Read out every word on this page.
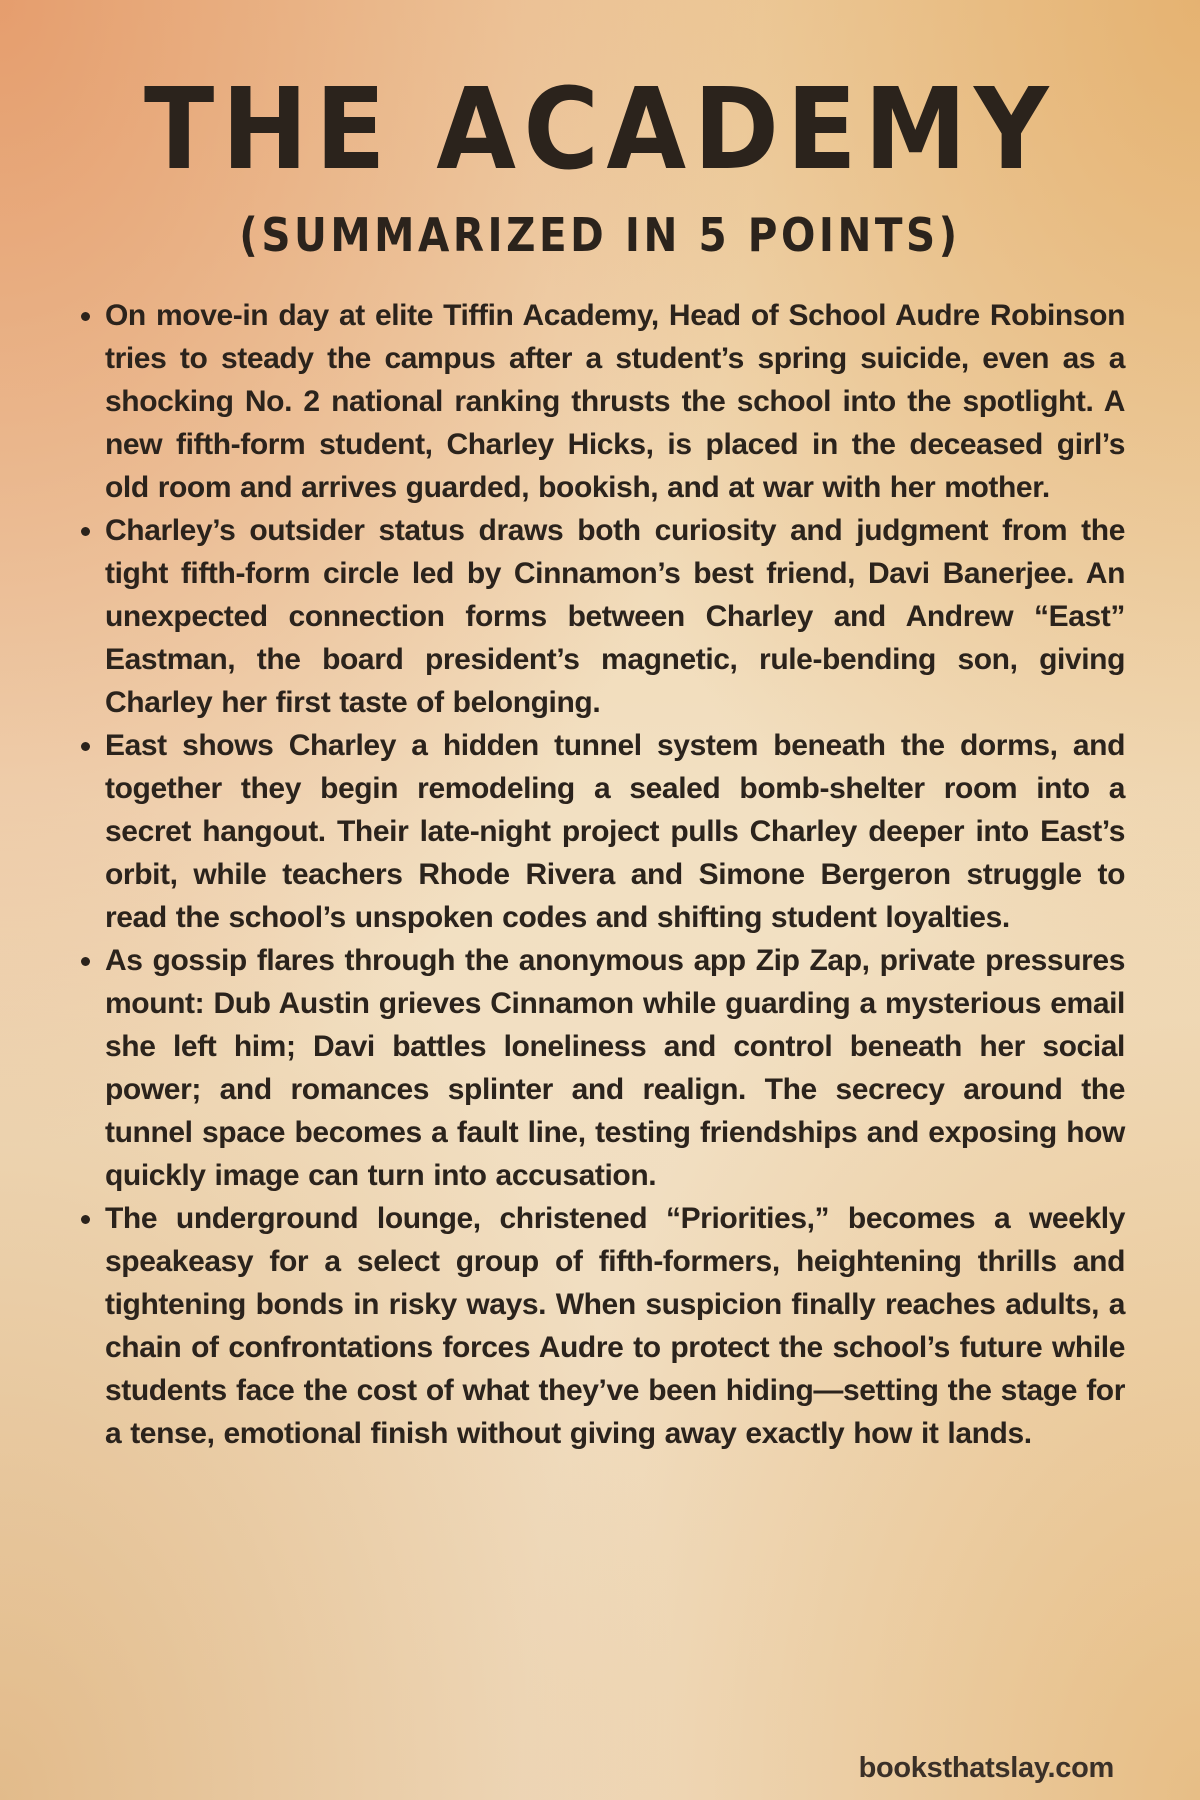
THE ACADEMY
(SUMMARIZED IN 5 POINTS)
On move-in day at elite Tiffin Academy, Head of School Audre Robinson tries to steady the campus after a student’s spring suicide, even as a shocking No. 2 national ranking thrusts the school into the spotlight. A new fifth-form student, Charley Hicks, is placed in the deceased girl’s old room and arrives guarded, bookish, and at war with her mother.
Charley’s outsider status draws both curiosity and judgment from the tight fifth-form circle led by Cinnamon’s best friend, Davi Banerjee. An unexpected connection forms between Charley and Andrew “East” Eastman, the board president’s magnetic, rule-bending son, giving Charley her first taste of belonging.
East shows Charley a hidden tunnel system beneath the dorms, and together they begin remodeling a sealed bomb-shelter room into a secret hangout. Their late-night project pulls Charley deeper into East’s orbit, while teachers Rhode Rivera and Simone Bergeron struggle to read the school’s unspoken codes and shifting student loyalties.
As gossip flares through the anonymous app Zip Zap, private pressures mount: Dub Austin grieves Cinnamon while guarding a mysterious email she left him; Davi battles loneliness and control beneath her social power; and romances splinter and realign. The secrecy around the tunnel space becomes a fault line, testing friendships and exposing how quickly image can turn into accusation.
The underground lounge, christened “Priorities,” becomes a weekly speakeasy for a select group of fifth-formers, heightening thrills and tightening bonds in risky ways. When suspicion finally reaches adults, a chain of confrontations forces Audre to protect the school’s future while students face the cost of what they’ve been hiding—setting the stage for a tense, emotional finish without giving away exactly how it lands.
booksthatslay.com
